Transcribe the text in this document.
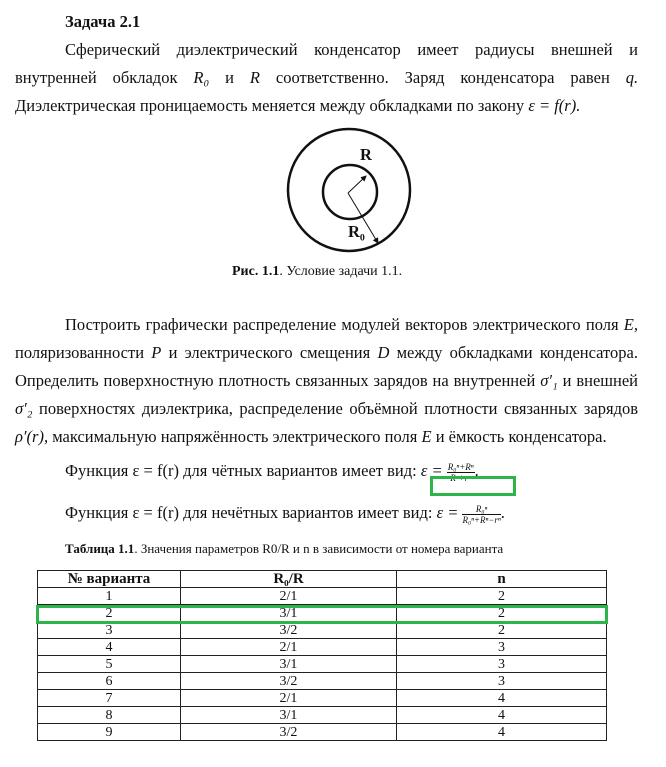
Задача 2.1
Сферический диэлектрический конденсатор имеет радиусы внешней и
внутренней обкладок R₀ и R соответственно. Заряд конденсатора равен q.
Диэлектрическая проницаемость меняется между обкладками по закону ε = f(r).
R
R₀
Рис. 1.1. Условие задачи 1.1.
Построить графически распределение модулей векторов электрического поля E,
поляризованности P и электрического смещения D между обкладками конденсатора.
Определить поверхностную плотность связанных зарядов на внутренней σ′₁ и внешней
σ′₂ поверхностях диэлектрика, распределение объёмной плотности связанных зарядов
ρ′(r), максимальную напряжённость электрического поля E и ёмкость конденсатора.
Функция ε = f(r) для чётных вариантов имеет вид: $\varepsilon = \frac{\text{R₀ⁿ+Rⁿ}}{\text{Rⁿ+rⁿ}}$ .
Функция ε = f(r) для нечётных вариантов имеет вид: $\varepsilon = \frac{\text{R₀ⁿ}}{\text{R₀ⁿ+Rⁿ−rⁿ}}$ .
Таблица 1.1. Значения параметров R0/R и n в зависимости от номера варианта
№ варианта	R₀/R	n
1	2/1	2
2	3/1	2
3	3/2	2
4	2/1	3
5	3/1	3
6	3/2	3
7	2/1	4
8	3/1	4
9	3/2	4
